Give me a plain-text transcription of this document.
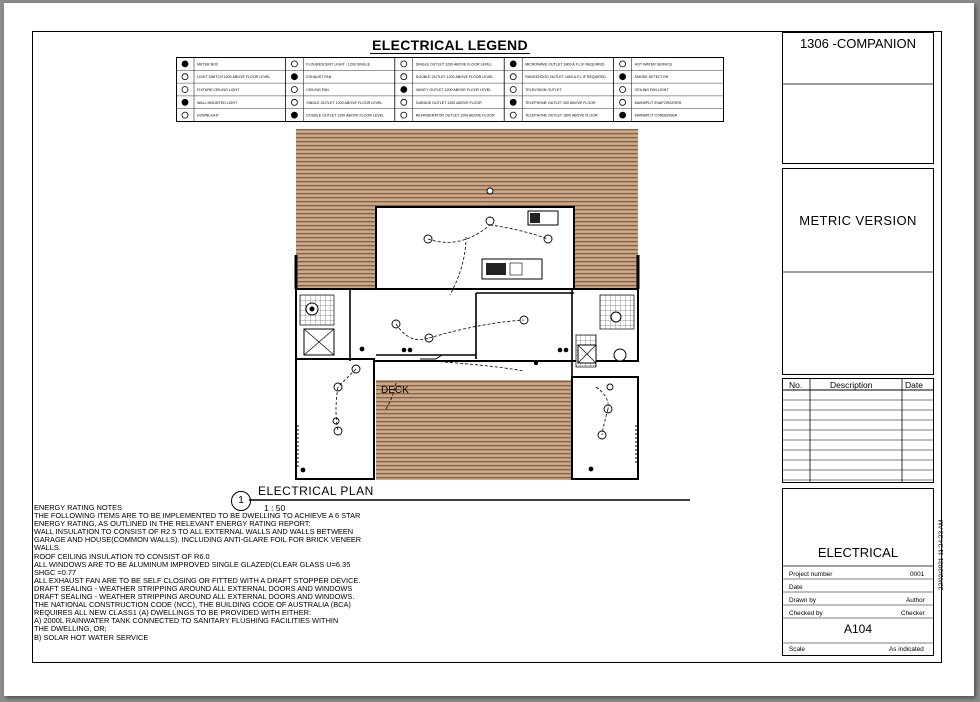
ELECTRICAL LEGEND
METER BOX	FLOURESCENT LIGHT - 1200 SINGLE	SINGLE OUTLET 1200 ABOVE FLOOR LEVEL	MICROWAVE OUTLET 1800 A.F.L IF REQUIRED	HOT WATER SERVICE
LIGHT SWITCH 1200 ABOVE FLOOR LEVEL	EXHAUST FAN	DOUBLE OUTLET 1200 ABOVE FLOOR LEVEL	RANGEHOOD OUTLET 1800 A.F.L IF REQUIRED	SMOKE DETECTOR
FIXTURE CEILING LIGHT	CEILING FAN	VANITY OUTLET 1200 ABOVE FLOOR LEVEL	TELEVISION OUTLET	CEILING FAN LIGHT
WALL MOUNTED LIGHT	SINGLE OUTLET 1200 ABOVE FLOOR LEVEL	GARAGE OUTLET 1200 ABOVE FLOOR	TELEPHONE OUTLET 300 ABOVE FLOOR	MAINSPLIT EVAPORATORS
DOWNLIGHT	DOUBLE OUTLET 1200 ABOVE FLOOR LEVEL	REFRIGERATOR OUTLET 1200 ABOVE FLOOR	TELEPHONE OUTLET 1800 ABOVE FLOOR	MAINSPLIT CONDENSER
DECK
1
ELECTRICAL PLAN
1 : 50
ENERGY RATING NOTES
THE FOLLOWING ITEMS ARE TO BE IMPLEMENTED TO BE DWELLING TO ACHIEVE A 6 STAR
ENERGY RATING, AS OUTLINED IN THE RELEVANT ENERGY RATING REPORT:
WALL INSULATION TO CONSIST OF R2.5 TO ALL EXTERNAL WALLS AND WALLS BETWEEN
GARAGE AND HOUSE(COMMON WALLS). INCLUDING ANTI-GLARE FOIL FOR BRICK VENEER
WALLS.
ROOF CEILING INSULATION TO CONSIST OF R6.0
ALL WINDOWS ARE TO BE ALUMINUM IMPROVED SINGLE GLAZED(CLEAR GLASS U=6.35
SHGC =0.77
ALL EXHAUST FAN ARE TO BE SELF CLOSING OR FITTED WITH A DRAFT STOPPER DEVICE.
DRAFT SEALING - WEATHER STRIPPING AROUND ALL EXTERNAL DOORS AND WINDOWS
DRAFT SEALING - WEATHER STRIPPING AROUND ALL EXTERNAL DOORS AND WINDOWS.
THE NATIONAL CONSTRUCTION CODE (NCC), THE BUILDING CODE OF AUSTRALIA (BCA)
REQUIRES ALL NEW CLASS1 (A) DWELLINGS TO BE PROVIDED WITH EITHER:
A) 2000L RAINWATER TANK CONNECTED TO SANITARY FLUSHING FACILITIES WITHIN
THE DWELLING, OR;
B) SOLAR HOT WATER SERVICE
1306 -COMPANION
METRIC VERSION
No.	Description	Date
ELECTRICAL
Project number	0001
Date
Drawn by	Author
Checked by	Checker
A104
Scale	As indicated
22/02/2021 11:24:23 AM
